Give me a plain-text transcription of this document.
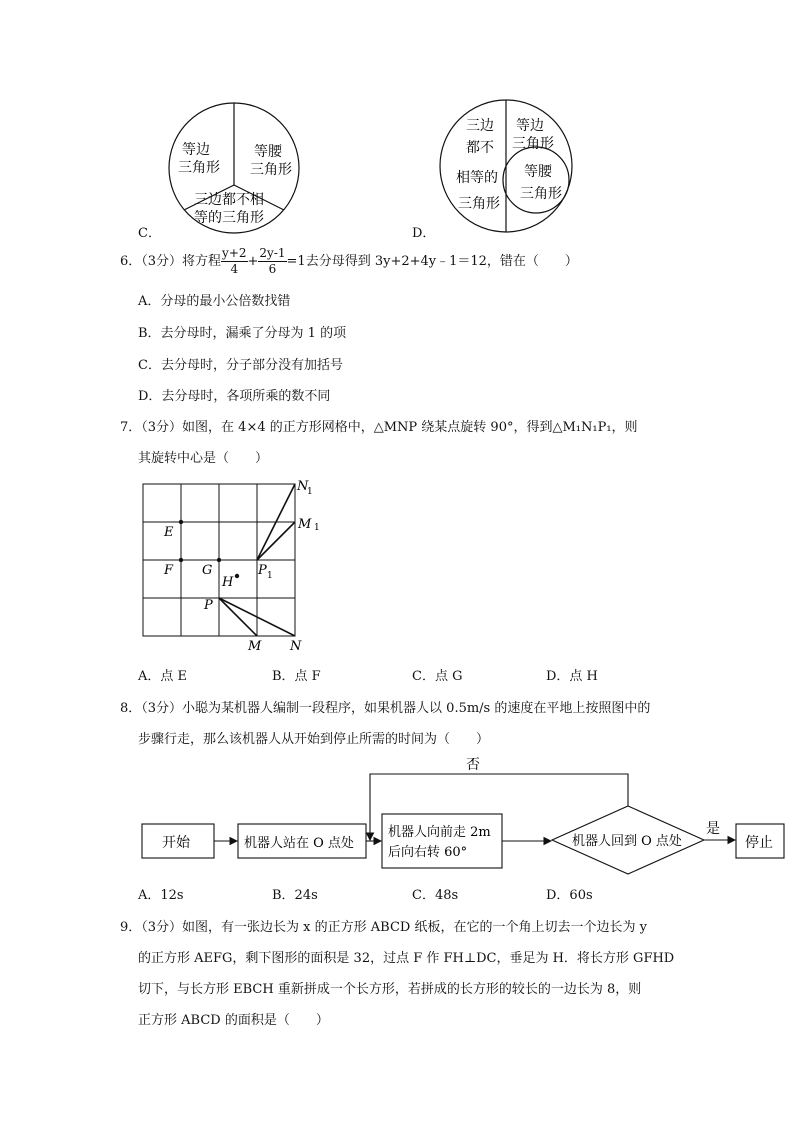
等边
三角形
等腰
三角形
三边都不相
等的三角形
C．
三边
都不
相等的
三角形
等边
三角形
等腰
三角形
D．
6．（3分）将方程 $\frac{y+2}{4} + \frac{2y-1}{6} =1$去分母得到 3y+2+4y﹣1＝12，错在（　　）
A．分母的最小公倍数找错
B．去分母时，漏乘了分母为 1 的项
C．去分母时，分子部分没有加括号
D．去分母时，各项所乘的数不同
7．（3分）如图，在 4×4 的正方形网格中，△MNP 绕某点旋转 90°，得到△M₁N₁P₁，则
其旋转中心是（　　）
E
F G
H
P
M N
P 1
N
1
M 1
A．点 E	B．点 F	C．点 G	D．点 H
8．（3分）小聪为某机器人编制一段程序，如果机器人以 0.5m/s 的速度在平地上按照图中的
步骤行走，那么该机器人从开始到停止所需的时间为（　　）
开始	机器人站在 O 点处
机器人向前走 2m
后向右转 60°
机器人回到 O 点处
否
是
停止
A．12s	B．24s	C．48s	D．60s
9．（3分）如图，有一张边长为 x 的正方形 ABCD 纸板，在它的一个角上切去一个边长为 y
的正方形 AEFG，剩下图形的面积是 32，过点 F 作 FH⊥DC，垂足为 H．将长方形 GFHD
切下，与长方形 EBCH 重新拼成一个长方形，若拼成的长方形的较长的一边长为 8，则
正方形 ABCD 的面积是（　　）
